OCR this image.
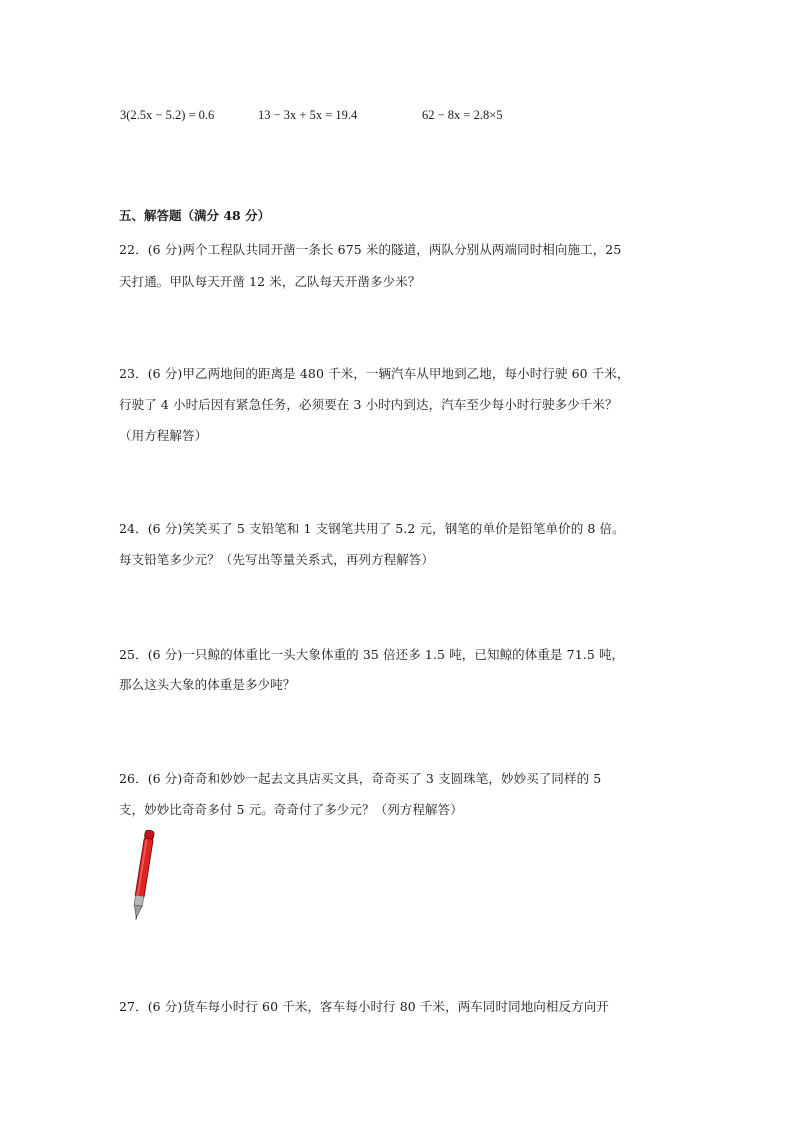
3(2.5x − 5.2) = 0.6	13 − 3x + 5x = 19.4	62 − 8x = 2.8×5
五、解答题（满分 48 分）
22．(6 分)两个工程队共同开凿一条长 675 米的隧道，两队分别从两端同时相向施工，25
天打通。甲队每天开凿 12 米，乙队每天开凿多少米？
23．(6 分)甲乙两地间的距离是 480 千米，一辆汽车从甲地到乙地，每小时行驶 60 千米，
行驶了 4 小时后因有紧急任务，必须要在 3 小时内到达，汽车至少每小时行驶多少千米？
（用方程解答）
24．(6 分)笑笑买了 5 支铅笔和 1 支钢笔共用了 5.2 元，钢笔的单价是铅笔单价的 8 倍。
每支铅笔多少元？（先写出等量关系式，再列方程解答）
25．(6 分)一只鲸的体重比一头大象体重的 35 倍还多 1.5 吨，已知鲸的体重是 71.5 吨，
那么这头大象的体重是多少吨？
26．(6 分)奇奇和妙妙一起去文具店买文具，奇奇买了 3 支圆珠笔，妙妙买了同样的 5
支，妙妙比奇奇多付 5 元。奇奇付了多少元？（列方程解答）
27．(6 分)货车每小时行 60 千米，客车每小时行 80 千米，两车同时同地向相反方向开
